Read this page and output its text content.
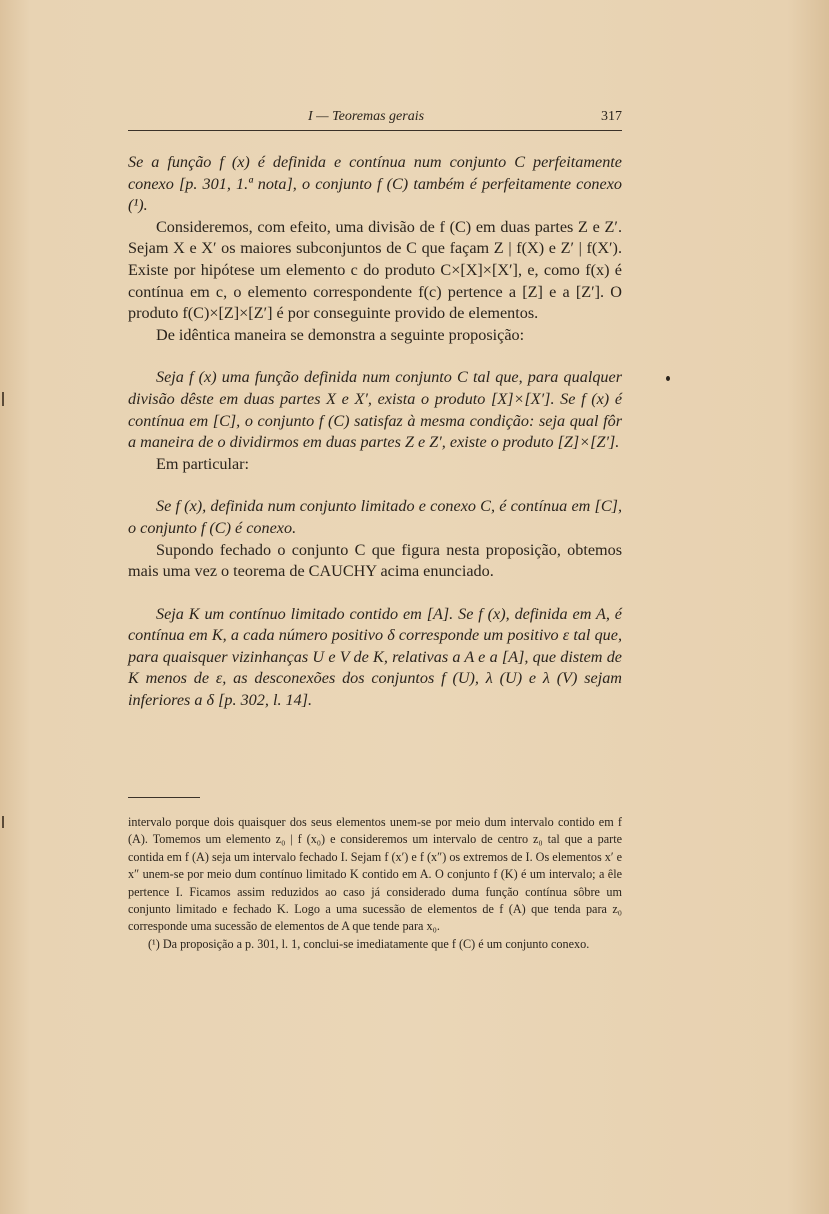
I — Teoremas gerais	317

Se a função f (x) é definida e contínua num conjunto C perfeitamente conexo [p. 301, 1.ª nota], o conjunto f (C) também é perfeitamente conexo (¹).

Consideremos, com efeito, uma divisão de f (C) em duas partes Z e Z′. Sejam X e X′ os maiores subconjuntos de C que façam Z | f(X) e Z′ | f(X′). Existe por hipótese um elemento c do produto C×[X]×[X′], e, como f(x) é contínua em c, o elemento correspondente f(c) pertence a [Z] e a [Z′]. O produto f(C)×[Z]×[Z′] é por conseguinte provido de elementos.

De idêntica maneira se demonstra a seguinte proposição:

Seja f (x) uma função definida num conjunto C tal que, para qualquer divisão dêste em duas partes X e X′, exista o produto [X]×[X′]. Se f (x) é contínua em [C], o conjunto f (C) satisfaz à mesma condição: seja qual fôr a maneira de o dividirmos em duas partes Z e Z′, existe o produto [Z]×[Z′].

Em particular:

Se f (x), definida num conjunto limitado e conexo C, é contínua em [C], o conjunto f (C) é conexo.

Supondo fechado o conjunto C que figura nesta proposição, obtemos mais uma vez o teorema de CAUCHY acima enunciado.

Seja K um contínuo limitado contido em [A]. Se f (x), definida em A, é contínua em K, a cada número positivo δ corresponde um positivo ε tal que, para quaisquer vizinhanças U e V de K, relativas a A e a [A], que distem de K menos de ε, as desconexões dos conjuntos f (U), λ (U) e λ (V) sejam inferiores a δ [p. 302, l. 14].

intervalo porque dois quaisquer dos seus elementos unem-se por meio dum intervalo contido em f (A). Tomemos um elemento z₀ | f (x₀) e consideremos um intervalo de centro z₀ tal que a parte contida em f (A) seja um intervalo fechado I. Sejam f (x′) e f (x″) os extremos de I. Os elementos x′ e x″ unem-se por meio dum contínuo limitado K contido em A. O conjunto f (K) é um intervalo; a êle pertence I. Ficamos assim reduzidos ao caso já considerado duma função contínua sôbre um conjunto limitado e fechado K. Logo a uma sucessão de elementos de f (A) que tenda para z₀ corresponde uma sucessão de elementos de A que tende para x₀.

(¹) Da proposição a p. 301, l. 1, conclui-se imediatamente que f (C) é um conjunto conexo.
